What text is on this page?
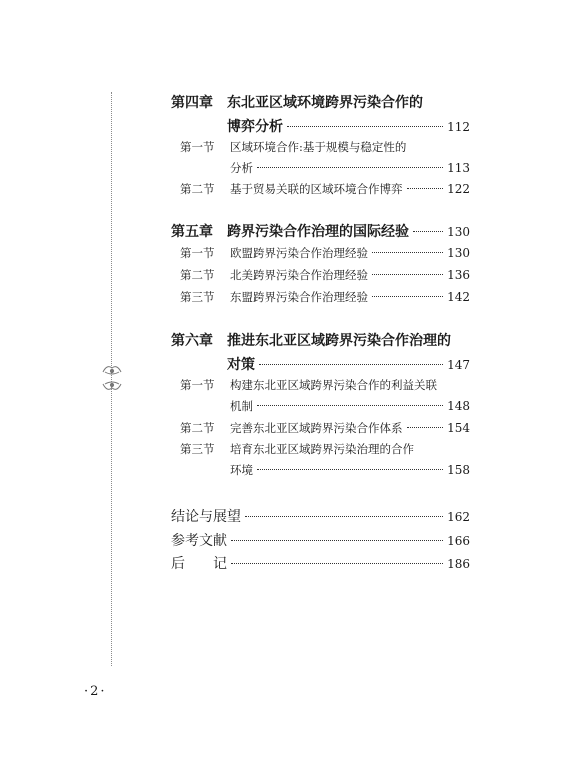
第四章	东北亚区域环境跨界污染合作的
博弈分析	112
第一节	区域环境合作:基于规模与稳定性的
分析	113
第二节	基于贸易关联的区域环境合作博弈	122
第五章	跨界污染合作治理的国际经验	130
第一节	欧盟跨界污染合作治理经验	130
第二节	北美跨界污染合作治理经验	136
第三节	东盟跨界污染合作治理经验	142
第六章	推进东北亚区域跨界污染合作治理的
对策	147
第一节	构建东北亚区域跨界污染合作的利益关联
机制	148
第二节	完善东北亚区域跨界污染合作体系	154
第三节	培育东北亚区域跨界污染治理的合作
环境	158
结论与展望	162
参考文献	166
后　　记	186
·2·
